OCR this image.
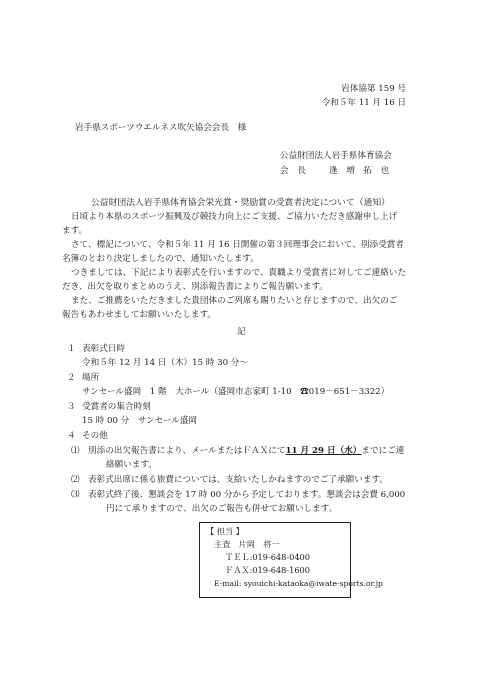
岩体協第 159 号
令和５年 11 月 16 日
岩手県スポーツウエルネス吹矢協会会長　様
公益財団法人岩手県体育協会
会　長	逢　増　拓　也
公益財団法人岩手県体育協会栄光賞・奨励賞の受賞者決定について（通知）
日頃より本県のスポーツ振興及び競技力向上にご支援、ご協力いただき感謝申し上げ
ます。
さて、標記について、令和５年 11 月 16 日開催の第３回理事会において、別添受賞者
名簿のとおり決定しましたので、通知いたします。
つきましては、下記により表彰式を行いますので、貴職より受賞者に対してご連絡いた
だき、出欠を取りまとめのうえ、別添報告書によりご報告願います。
また、ご推薦をいただきました貴団体のご列席も賜りたいと存じますので、出欠のご
報告もあわせましてお願いいたします。
記
１ 表彰式日時
令和５年 12 月 14 日（木）15 時 30 分～
２ 場所
サンセール盛岡　1 階　大ホール（盛岡市志家町 1-10　☎019－651－3322）
３ 受賞者の集合時刻
15 時 00 分　サンセール盛岡
４ その他
⑴ 別添の出欠報告書により、メールまたはＦＡＸにて11 月 29 日（水）までにご連
絡願います。
⑵ 表彰式出席に係る旅費については、支給いたしかねますのでご了承願います。
⑶ 表彰式終了後、懇談会を 17 時 00 分から予定しております。懇談会は会費 6,000
円にて承りますので、出欠のご報告も併せてお願いします。
【 担当 】
主査　片岡　将一
ＴＥＬ:019-648-0400
ＦＡＸ:019-648-1600
E-mail: syouichi-kataoka@iwate-sports.or.jp
